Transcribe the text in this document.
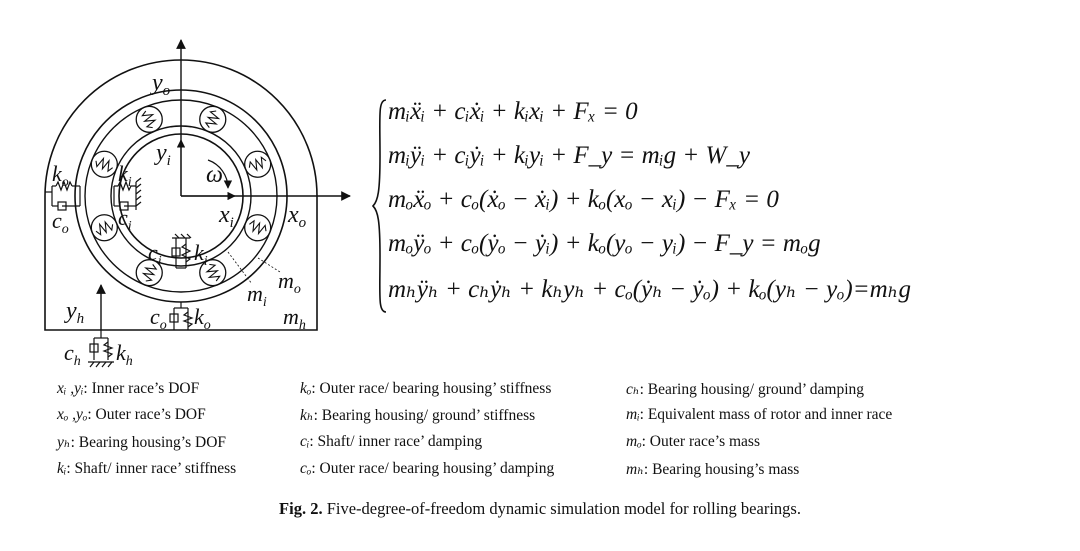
$y_o$
$y_i$
ω
$x_i$ $x_o$
$k_o$
$c_o$
$k_i$
$c_i$
$c_i$ $k_i$
$m_o$
$m_i$
$c_o$ $k_o$
$y_h$	$m_h$
$c_h$ $k_h$
mᵢẍᵢ + cᵢẋᵢ + kᵢxᵢ + Fₓ = 0
mᵢÿᵢ + cᵢẏᵢ + kᵢyᵢ + F_y = mᵢg + W_y
mₒẍₒ + cₒ(ẋₒ − ẋᵢ) + kₒ(xₒ − xᵢ) − Fₓ = 0
mₒÿₒ + cₒ(ẏₒ − ẏᵢ) + kₒ(yₒ − yᵢ) − F_y = mₒg
mₕÿₕ + cₕẏₕ + kₕyₕ + cₒ(ẏₕ − ẏₒ) + kₒ(yₕ − yₒ)=mₕg
xᵢ ,yᵢ: Inner race’s DOF
xₒ ,yₒ: Outer race’s DOF
yₕ: Bearing housing’s DOF
kᵢ: Shaft/ inner race’ stiffness
kₒ: Outer race/ bearing housing’ stiffness
kₕ: Bearing housing/ ground’ stiffness
cᵢ: Shaft/ inner race’ damping
cₒ: Outer race/ bearing housing’ damping
cₕ: Bearing housing/ ground’ damping
mᵢ: Equivalent mass of rotor and inner race
mₒ: Outer race’s mass
mₕ: Bearing housing’s mass
Fig. 2. Five-degree-of-freedom dynamic simulation model for rolling bearings.
